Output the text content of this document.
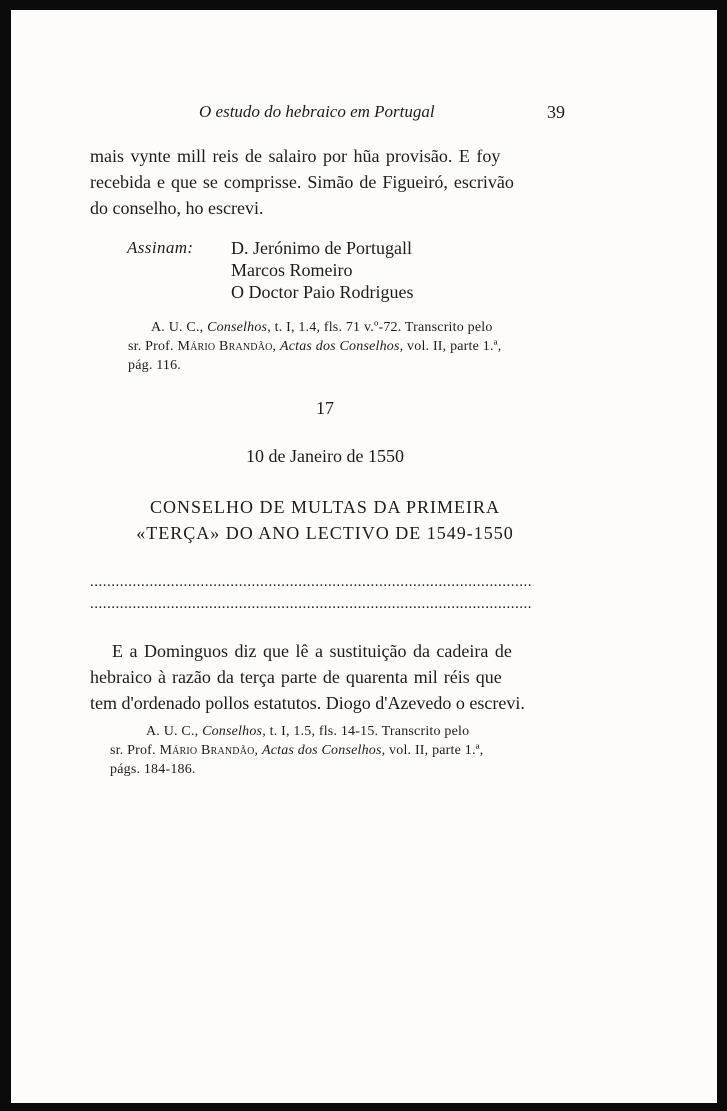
O estudo do hebraico em Portugal	39
mais vynte mill reis de salairo por hũa provisão. E foy
recebida e que se comprisse. Simão de Figueiró, escrivão
do conselho, ho escrevi.
Assinam: D. Jerónimo de Portugall
Marcos Romeiro
O Doctor Paio Rodrigues
A. U. C., Conselhos, t. I, 1.4, fls. 71 v.º-72. Transcrito pelo
sr. Prof. Mário Brandão, Actas dos Conselhos, vol. II, parte 1.ª,
pág. 116.
17
10 de Janeiro de 1550
CONSELHO DE MULTAS DA PRIMEIRA
«TERÇA» DO ANO LECTIVO DE 1549-1550
........................................................................................................
........................................................................................................
E a Dominguos diz que lê a sustituição da cadeira de
hebraico à razão da terça parte de quarenta mil réis que
tem d'ordenado pollos estatutos. Diogo d'Azevedo o escrevi.
A. U. C., Conselhos, t. I, 1.5, fls. 14-15. Transcrito pelo
sr. Prof. Mário Brandão, Actas dos Conselhos, vol. II, parte 1.ª,
págs. 184-186.
